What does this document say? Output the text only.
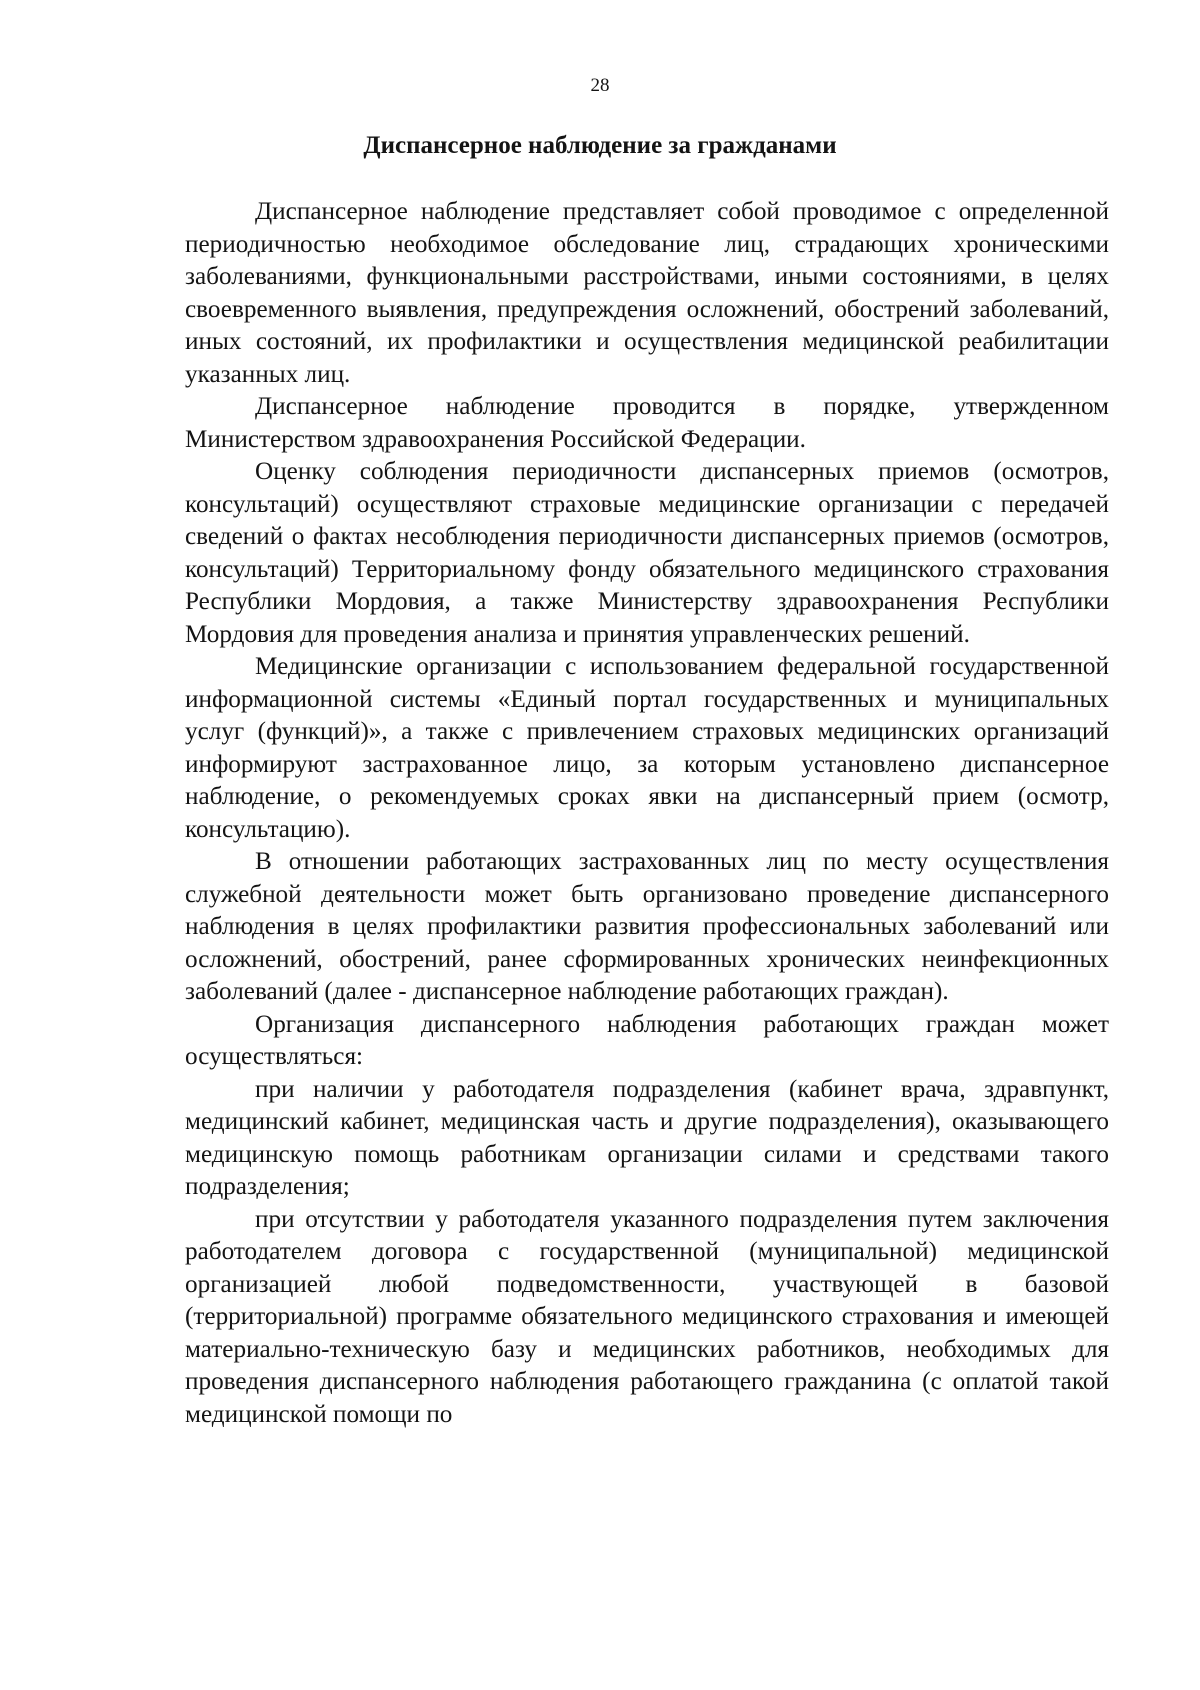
28
Диспансерное наблюдение за гражданами

Диспансерное наблюдение представляет собой проводимое с определенной периодичностью необходимое обследование лиц, страдающих хроническими заболеваниями, функциональными расстройствами, иными состояниями, в целях своевременного выявления, предупреждения осложнений, обострений заболеваний, иных состояний, их профилактики и осуществления медицинской реабилитации указанных лиц.

Диспансерное наблюдение проводится в порядке, утвержденном Министерством здравоохранения Российской Федерации.

Оценку соблюдения периодичности диспансерных приемов (осмотров, консультаций) осуществляют страховые медицинские организации с передачей сведений о фактах несоблюдения периодичности диспансерных приемов (осмотров, консультаций) Территориальному фонду обязательного медицинского страхования Республики Мордовия, а также Министерству здравоохранения Республики Мордовия для проведения анализа и принятия управленческих решений.

Медицинские организации с использованием федеральной государственной информационной системы «Единый портал государственных и муниципальных услуг (функций)», а также с привлечением страховых медицинских организаций информируют застрахованное лицо, за которым установлено диспансерное наблюдение, о рекомендуемых сроках явки на диспансерный прием (осмотр, консультацию).

В отношении работающих застрахованных лиц по месту осуществления служебной деятельности может быть организовано проведение диспансерного наблюдения в целях профилактики развития профессиональных заболеваний или осложнений, обострений, ранее сформированных хронических неинфекционных заболеваний (далее - диспансерное наблюдение работающих граждан).

Организация диспансерного наблюдения работающих граждан может осуществляться:

при наличии у работодателя подразделения (кабинет врача, здравпункт, медицинский кабинет, медицинская часть и другие подразделения), оказывающего медицинскую помощь работникам организации силами и средствами такого подразделения;

при отсутствии у работодателя указанного подразделения путем заключения работодателем договора с государственной (муниципальной) медицинской организацией любой подведомственности, участвующей в базовой (территориальной) программе обязательного медицинского страхования и имеющей материально-техническую базу и медицинских работников, необходимых для проведения диспансерного наблюдения работающего гражданина (с оплатой такой медицинской помощи по
